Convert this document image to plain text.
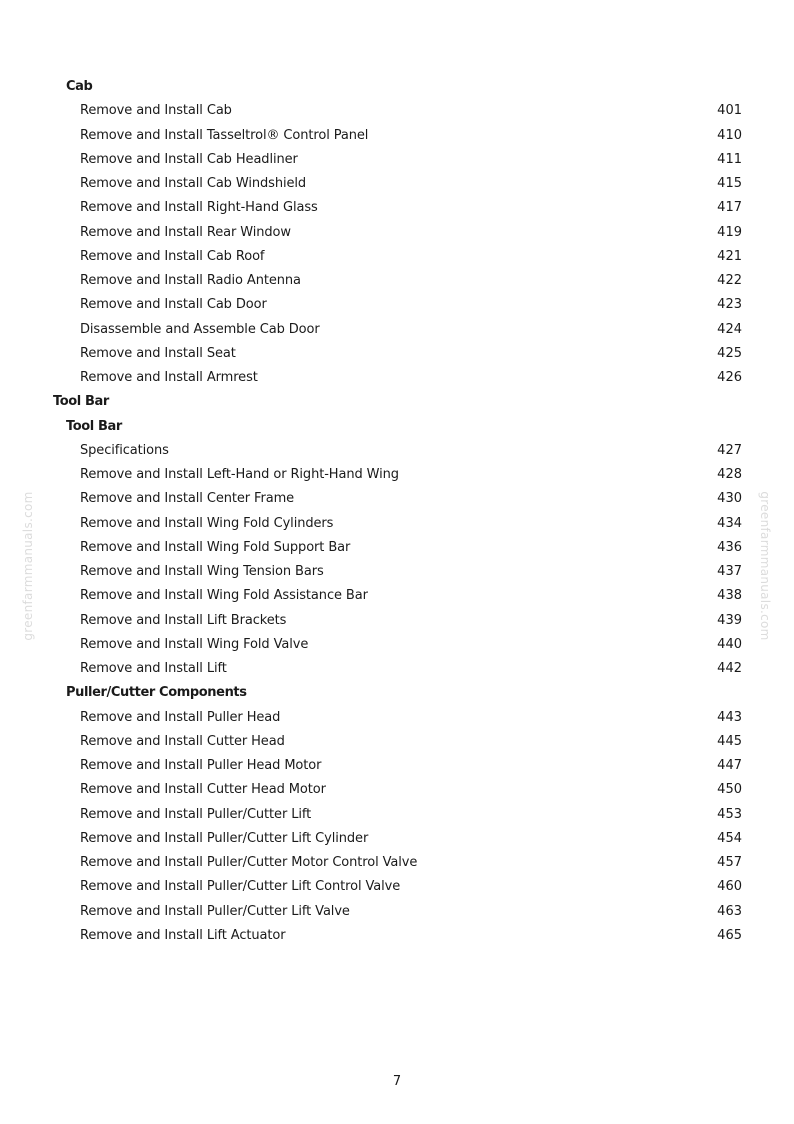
Cab
Remove and Install Cab	401
Remove and Install Tasseltrol® Control Panel	410
Remove and Install Cab Headliner	411
Remove and Install Cab Windshield	415
Remove and Install Right-Hand Glass	417
Remove and Install Rear Window	419
Remove and Install Cab Roof	421
Remove and Install Radio Antenna	422
Remove and Install Cab Door	423
Disassemble and Assemble Cab Door	424
Remove and Install Seat	425
Remove and Install Armrest	426
Tool Bar
Tool Bar
Specifications	427
Remove and Install Left-Hand or Right-Hand Wing	428
Remove and Install Center Frame	430
Remove and Install Wing Fold Cylinders	434
Remove and Install Wing Fold Support Bar	436
Remove and Install Wing Tension Bars	437
Remove and Install Wing Fold Assistance Bar	438
Remove and Install Lift Brackets	439
Remove and Install Wing Fold Valve	440
Remove and Install Lift	442
Puller/Cutter Components
Remove and Install Puller Head	443
Remove and Install Cutter Head	445
Remove and Install Puller Head Motor	447
Remove and Install Cutter Head Motor	450
Remove and Install Puller/Cutter Lift	453
Remove and Install Puller/Cutter Lift Cylinder	454
Remove and Install Puller/Cutter Motor Control Valve	457
Remove and Install Puller/Cutter Lift Control Valve	460
Remove and Install Puller/Cutter Lift Valve	463
Remove and Install Lift Actuator	465
greenfarmmanuals.com	greenfarmmanuals.com
7
